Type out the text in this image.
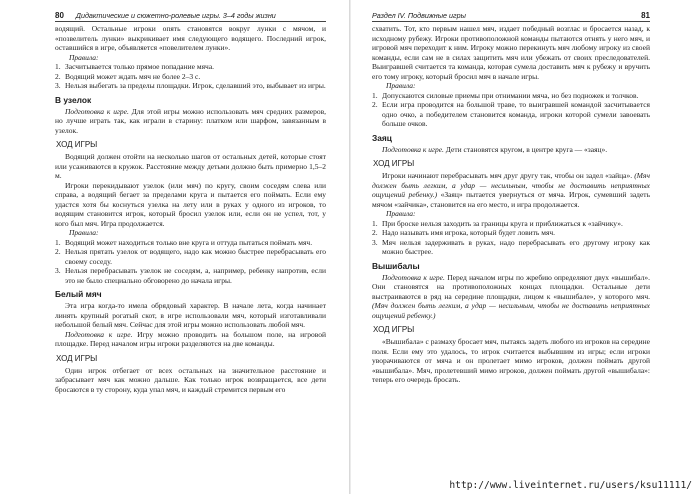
80 Дидактические и сюжетно-ролевые игры. 3–4 годы жизни

водящий. Остальные игроки опять становятся вокруг лунки с мячом, и «позвелитель лунки» выкрикивает имя следующего водящего. Последний игрок, оставшийся в игре, объявляется «повелителем лунки».

Правила:
1. Засчитывается только прямое попадание мяча.
2. Водящий может ждать мяч не более 2–3 с.
3. Нельзя выбегать за пределы площадки. Игрок, сделавший это, выбывает из игры.
В узелок

Подготовка к игре. Для этой игры можно использовать мяч средних размеров, но лучше играть так, как играли в старину: платком или шарфом, завязанным в узелок.

ХОД ИГРЫ

Водящий должен отойти на несколько шагов от остальных детей, которые стоят или усаживаются в кружок. Расстояние между детьми должно быть примерно 1,5–2 м.

Игроки перекидывают узелок (или мяч) по кругу, своим соседям слева или справа, а водящий бегает за пределами круга и пытается его поймать. Если ему удастся хотя бы коснуться узелка на лету или в руках у одного из игроков, то водящим становится игрок, который бросил узелок или, если он не успел, тот, у кого был мяч. Игра продолжается.

Правила:
1. Водящий может находиться только вне круга и оттуда пытаться поймать мяч.
2. Нельзя прятать узелок от водящего, надо как можно быстрее перебрасывать его своему соседу.
3. Нельзя перебрасывать узелок не соседям, а, например, ребенку напротив, если это не было специально обговорено до начала игры.
Белый мяч

Эта игра когда-то имела обрядовый характер. В начале лета, когда начинает линять крупный рогатый скот, в игре использовали мяч, который изготавливали небольшой белый мяч. Сейчас для этой игры можно использовать любой мяч.

Подготовка к игре. Игру можно проводить на большом поле, на игровой площадке. Перед началом игры игроки разделяются на две команды.

ХОД ИГРЫ

Один игрок отбегает от всех остальных на значительное расстояние и забрасывает мяч как можно дальше. Как только игрок возвращается, все дети бросаются в ту сторону, куда упал мяч, и каждый стремится первым его

Раздел IV. Подвижные игры	81

схватить. Тот, кто первым нашел мяч, издает победный возглас и бросается назад, к исходному рубежу. Игроки противоположной команды пытаются отнять у него мяч, и игровой мяч переходит к ним. Игроку можно перекинуть мяч любому игроку из своей команды, если сам не в силах защитить мяч или убежать от своих преследователей. Выигравшей считается та команда, которая сумела доставить мяч к рубежу и вручить его тому игроку, который бросил мяч в начале игры.

Правила:
1. Допускаются силовые приемы при отнимании мяча, но без подножек и толчков.
2. Если игра проводится на большой траве, то выигравшей командой засчитывается одно очко, а победителем становится команда, игроки которой сумели завоевать больше очков.
Заяц

Подготовка к игре. Дети становятся кругом, в центре круга — «заяц».

ХОД ИГРЫ

Игроки начинают перебрасывать мяч друг другу так, чтобы он задел «зайца». (Мяч должен быть легким, а удар — несильным, чтобы не доставить неприятных ощущений ребенку.) «Заяц» пытается увернуться от мяча. Игрок, сумевший задеть мячом «зайчика», становится на его место, и игра продолжается.

Правила:
1. При броске нельзя заходить за границы круга и приближаться к «зайчику».
2. Надо называть имя игрока, который будет ловить мяч.
3. Мяч нельзя задерживать в руках, надо перебрасывать его другому игроку как можно быстрее.
Вышибалы

Подготовка к игре. Перед началом игры по жребию определяют двух «вышибал». Они становятся на противоположных концах площадки. Остальные дети выстраиваются в ряд на середине площадки, лицом к «вышибале», у которого мяч. (Мяч должен быть легким, а удар — несильным, чтобы не доставить неприятных ощущений ребенку.)

ХОД ИГРЫ

«Вышибала» с размаху бросает мяч, пытаясь задеть любого из игроков на середине поля. Если ему это удалось, то игрок считается выбывшим из игры; если игроки уворачиваются от мяча и он пролетает мимо игроков, должен поймать другой «вышибала». Мяч, пролетевший мимо игроков, должен поймать другой «вышибала»: теперь его очередь бросать.

http://www.liveinternet.ru/users/ksu11111/
